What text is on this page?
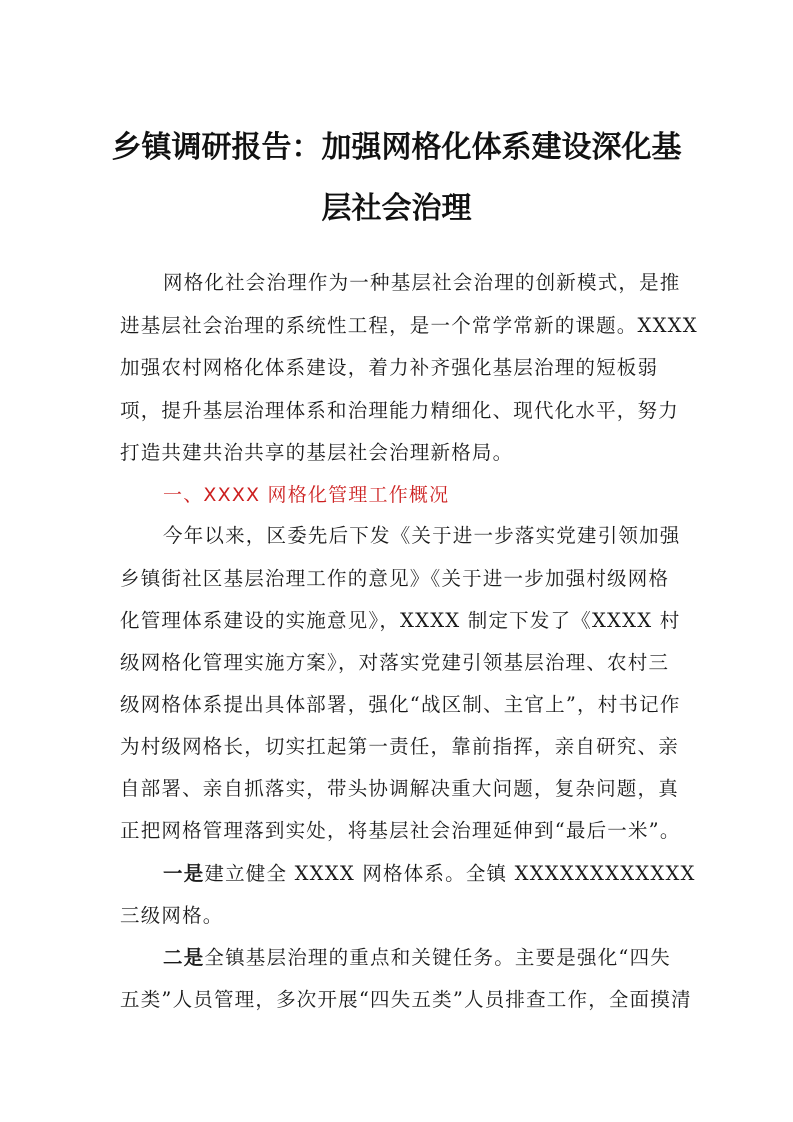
乡镇调研报告：加强网格化体系建设深化基
层社会治理
网格化社会治理作为一种基层社会治理的创新模式，是推
进基层社会治理的系统性工程，是一个常学常新的课题。XXXX
加强农村网格化体系建设，着力补齐强化基层治理的短板弱
项，提升基层治理体系和治理能力精细化、现代化水平，努力
打造共建共治共享的基层社会治理新格局。
一、XXXX 网格化管理工作概况
今年以来，区委先后下发《关于进一步落实党建引领加强
乡镇街社区基层治理工作的意见》《关于进一步加强村级网格
化管理体系建设的实施意见》，XXXX 制定下发了《XXXX 村
级网格化管理实施方案》，对落实党建引领基层治理、农村三
级网格体系提出具体部署，强化“战区制、主官上”，村书记作
为村级网格长，切实扛起第一责任，靠前指挥，亲自研究、亲
自部署、亲自抓落实，带头协调解决重大问题，复杂问题，真
正把网格管理落到实处，将基层社会治理延伸到“最后一米”。
一是建立健全 XXXX 网格体系。全镇 XXXXXXXXXXXX
三级网格。
二是全镇基层治理的重点和关键任务。主要是强化“四失
五类”人员管理，多次开展“四失五类”人员排查工作，全面摸清
